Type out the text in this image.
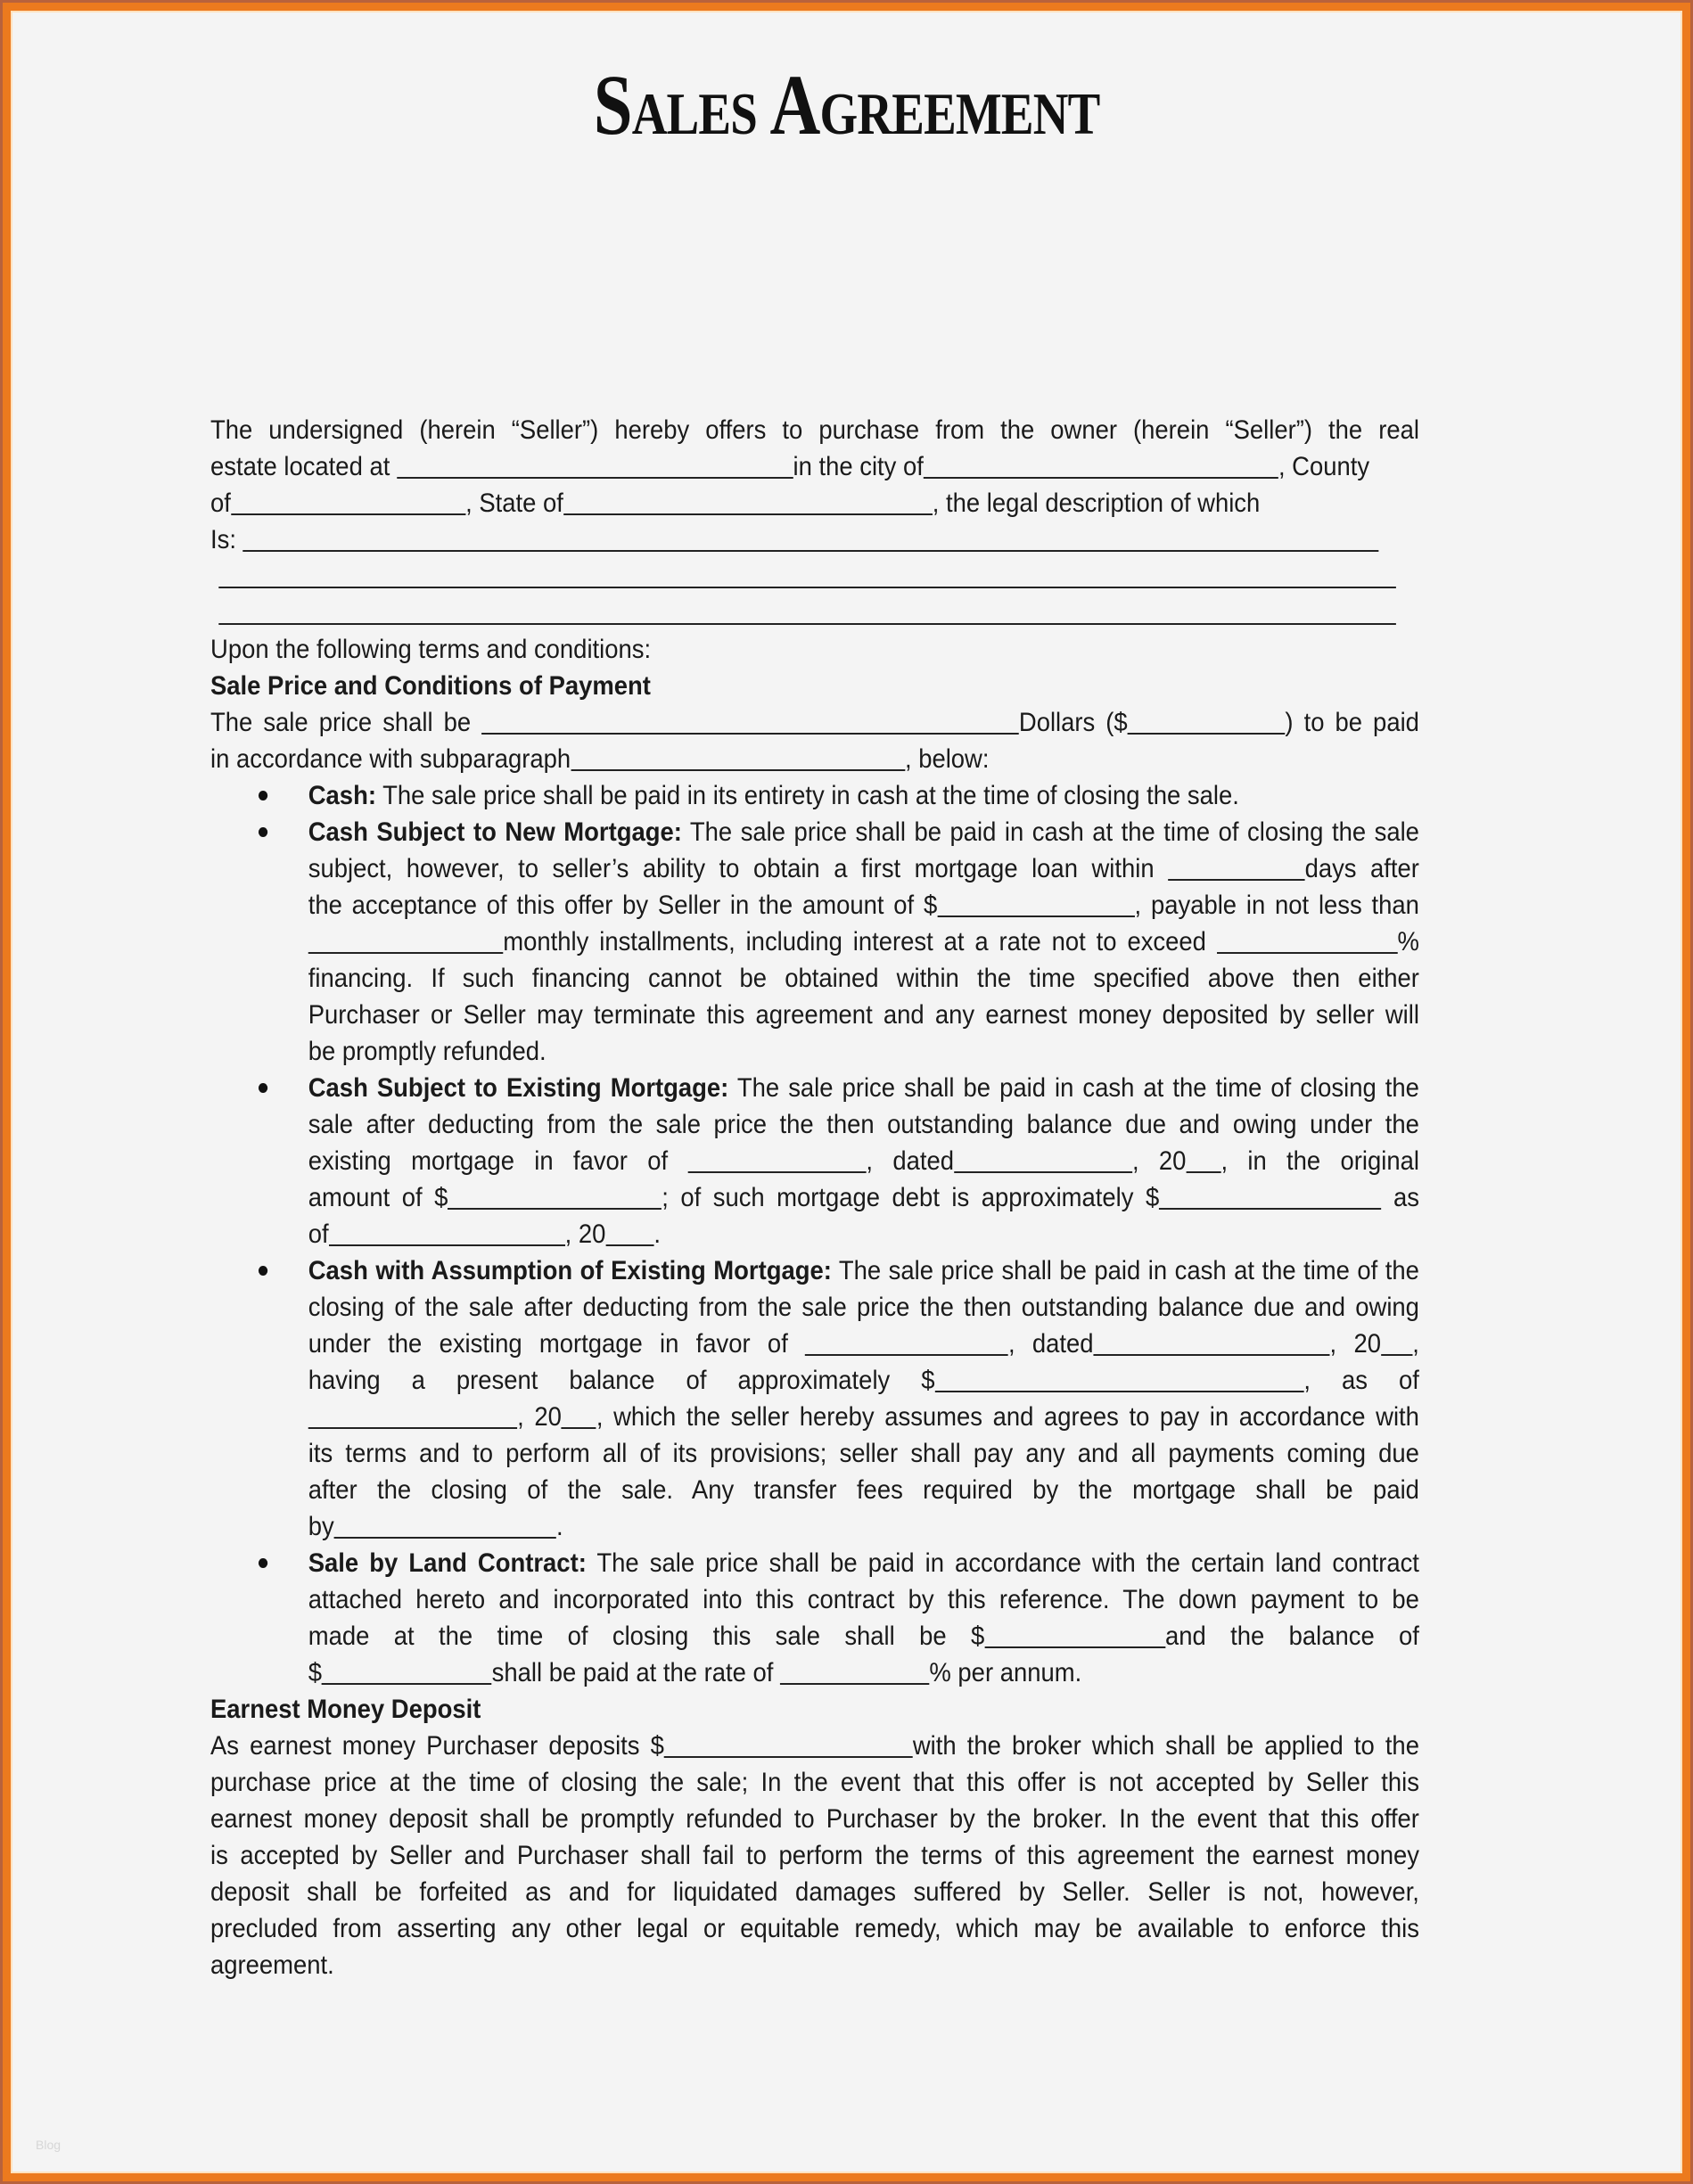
Sales Agreement
The undersigned (herein “Seller”) hereby offers to purchase from the owner (herein “Seller”) the real
estate located at	in the city of	, County
of	, State of	, the legal description of which
Is:
Upon the following terms and conditions:
Sale Price and Conditions of Payment
The sale price shall be	Dollars ($	) to be paid
in accordance with subparagraph	, below:
Cash: The sale price shall be paid in its entirety in cash at the time of closing the sale.
Cash Subject to New Mortgage: The sale price shall be paid in cash at the time of closing the sale
subject, however, to seller’s ability to obtain a first mortgage loan within	days after
the acceptance of this offer by Seller in the amount of $	, payable in not less than
monthly installments, including interest at a rate not to exceed	%
financing. If such financing cannot be obtained within the time specified above then either
Purchaser or Seller may terminate this agreement and any earnest money deposited by seller will
be promptly refunded.
Cash Subject to Existing Mortgage: The sale price shall be paid in cash at the time of closing the
sale after deducting from the sale price the then outstanding balance due and owing under the
existing mortgage in favor of	, dated	, 20 , in the original
amount of $	; of such mortgage debt is approximately $	as
of	, 20 .
Cash with Assumption of Existing Mortgage: The sale price shall be paid in cash at the time of the
closing of the sale after deducting from the sale price the then outstanding balance due and owing
under the existing mortgage in favor of	, dated	, 20 ,
having a present balance of approximately $	, as of
, 20 , which the seller hereby assumes and agrees to pay in accordance with
its terms and to perform all of its provisions; seller shall pay any and all payments coming due
after the closing of the sale. Any transfer fees required by the mortgage shall be paid
by	.
Sale by Land Contract: The sale price shall be paid in accordance with the certain land contract
attached hereto and incorporated into this contract by this reference. The down payment to be
made at the time of closing this sale shall be $	and the balance of
$	shall be paid at the rate of	% per annum.
Earnest Money Deposit
As earnest money Purchaser deposits $	with the broker which shall be applied to the
purchase price at the time of closing the sale; In the event that this offer is not accepted by Seller this
earnest money deposit shall be promptly refunded to Purchaser by the broker. In the event that this offer
is accepted by Seller and Purchaser shall fail to perform the terms of this agreement the earnest money
deposit shall be forfeited as and for liquidated damages suffered by Seller. Seller is not, however,
precluded from asserting any other legal or equitable remedy, which may be available to enforce this
agreement.
Blog
